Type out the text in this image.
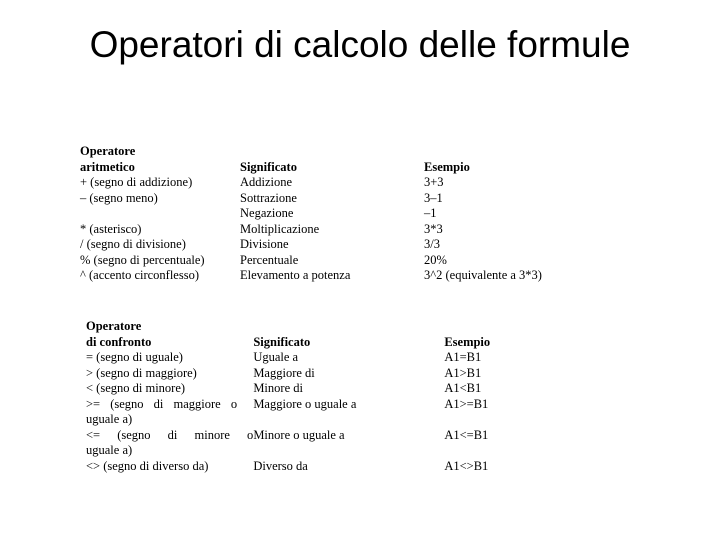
Operatori di calcolo delle formule
Operatore
aritmetico	Significato	Esempio

+ (segno di addizione)	Addizione	3+3
– (segno meno)	Sottrazione	3–1
	Negazione	–1
* (asterisco)	Moltiplicazione	3*3
/ (segno di divisione)	Divisione	3/3
% (segno di percentuale)	Percentuale	20%
^ (accento circonflesso)	Elevamento a potenza	3^2 (equivalente a 3*3)
Operatore
di confronto	Significato	Esempio

= (segno di uguale)	Uguale a	A1=B1

> (segno di maggiore)	Maggiore di	A1>B1

< (segno di minore)	Minore di	A1<B1

>= (segno di maggiore o
uguale a)	Maggiore o uguale a	A1>=B1

<= (segno di minore o
uguale a)	Minore o uguale a	A1<=B1

<> (segno di diverso da)	Diverso da	A1<>B1
